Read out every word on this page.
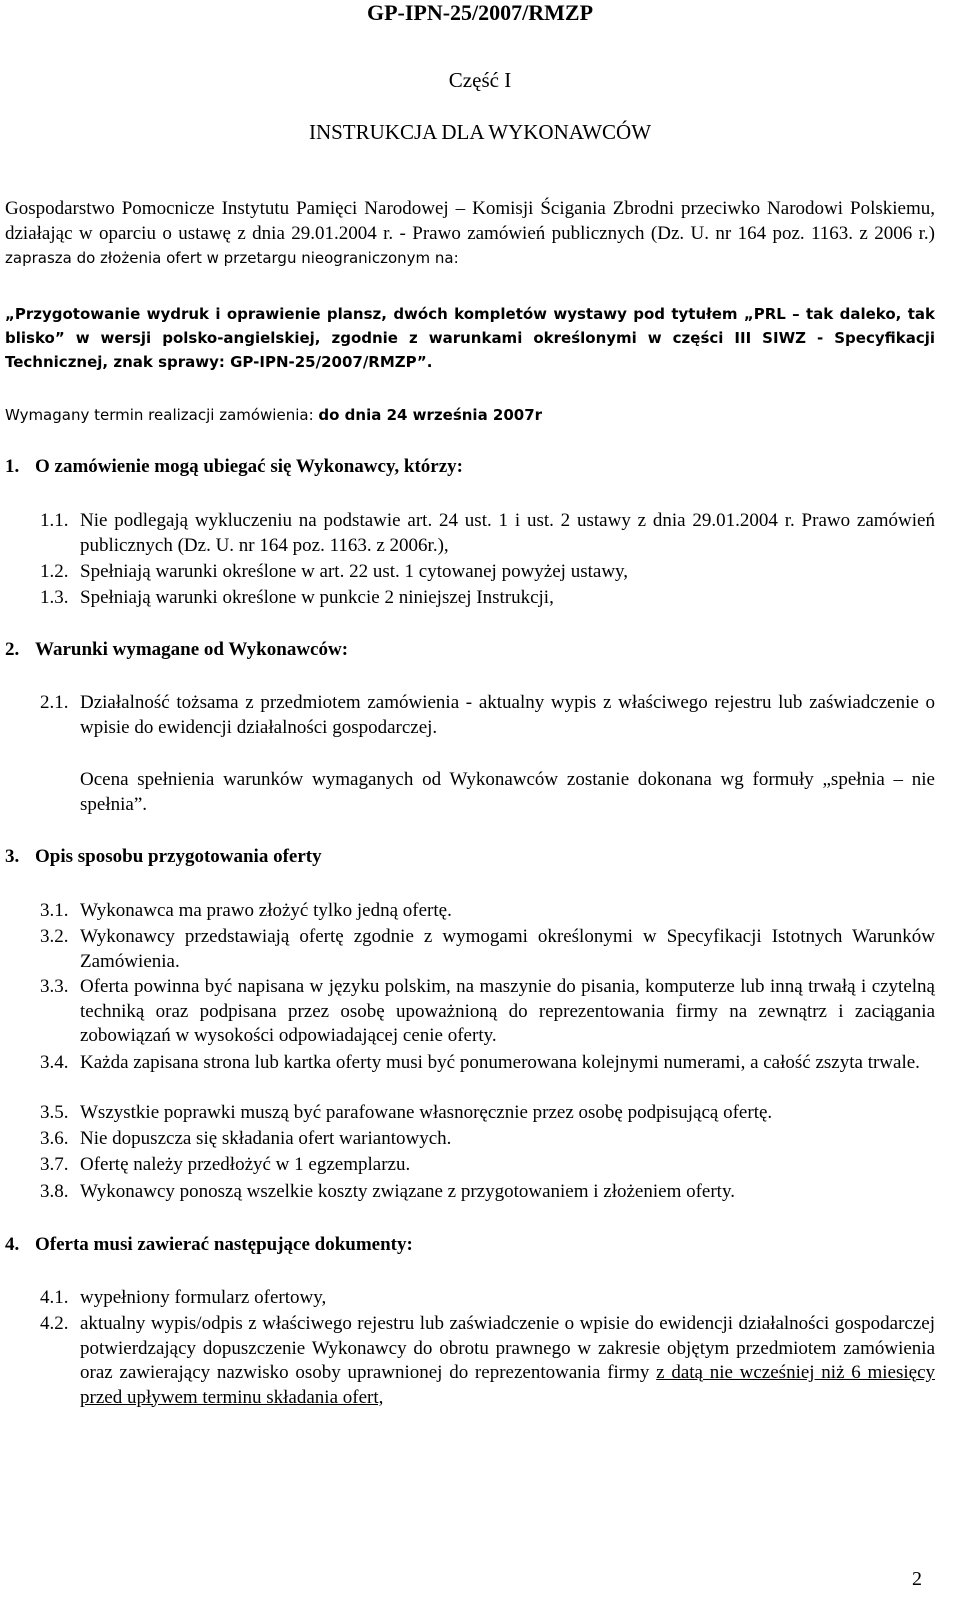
GP-IPN-25/2007/RMZP
Część I
INSTRUKCJA DLA WYKONAWCÓW
Gospodarstwo Pomocnicze Instytutu Pamięci Narodowej – Komisji Ścigania Zbrodni przeciwko Narodowi Polskiemu, działając w oparciu o ustawę z dnia 29.01.2004 r. - Prawo zamówień publicznych (Dz. U. nr 164 poz. 1163. z 2006 r.) zaprasza do złożenia ofert w przetargu nieograniczonym na:
„Przygotowanie wydruk i oprawienie plansz, dwóch kompletów wystawy pod tytułem „PRL – tak daleko, tak blisko” w wersji polsko-angielskiej, zgodnie z warunkami określonymi w części III SIWZ - Specyfikacji Technicznej, znak sprawy: GP-IPN-25/2007/RMZP”.
Wymagany termin realizacji zamówienia: do dnia 24 września 2007r
1. O zamówienie mogą ubiegać się Wykonawcy, którzy:
1.1. Nie podlegają wykluczeniu na podstawie art. 24 ust. 1 i ust. 2 ustawy z dnia 29.01.2004 r. Prawo zamówień publicznych (Dz. U. nr 164 poz. 1163. z 2006r.),
1.2. Spełniają warunki określone w art. 22 ust. 1 cytowanej powyżej ustawy,
1.3. Spełniają warunki określone w punkcie 2 niniejszej Instrukcji,
2. Warunki wymagane od Wykonawców:
2.1. Działalność tożsama z przedmiotem zamówienia - aktualny wypis z właściwego rejestru lub zaświadczenie o wpisie do ewidencji działalności gospodarczej.
Ocena spełnienia warunków wymaganych od Wykonawców zostanie dokonana wg formuły „spełnia – nie spełnia”.
3. Opis sposobu przygotowania oferty
3.1. Wykonawca ma prawo złożyć tylko jedną ofertę.
3.2. Wykonawcy przedstawiają ofertę zgodnie z wymogami określonymi w Specyfikacji Istotnych Warunków Zamówienia.
3.3. Oferta powinna być napisana w języku polskim, na maszynie do pisania, komputerze lub inną trwałą i czytelną techniką oraz podpisana przez osobę upoważnioną do reprezentowania firmy na zewnątrz i zaciągania zobowiązań w wysokości odpowiadającej cenie oferty.
3.4. Każda zapisana strona lub kartka oferty musi być ponumerowana kolejnymi numerami, a całość zszyta trwale.
3.5. Wszystkie poprawki muszą być parafowane własnoręcznie przez osobę podpisującą ofertę.
3.6. Nie dopuszcza się składania ofert wariantowych.
3.7. Ofertę należy przedłożyć w 1 egzemplarzu.
3.8. Wykonawcy ponoszą wszelkie koszty związane z przygotowaniem i złożeniem oferty.
4. Oferta musi zawierać następujące dokumenty:
4.1. wypełniony formularz ofertowy,
4.2. aktualny wypis/odpis z właściwego rejestru lub zaświadczenie o wpisie do ewidencji działalności gospodarczej potwierdzający dopuszczenie Wykonawcy do obrotu prawnego w zakresie objętym przedmiotem zamówienia oraz zawierający nazwisko osoby uprawnionej do reprezentowania firmy z datą nie wcześniej niż 6 miesięcy przed upływem terminu składania ofert,
2
